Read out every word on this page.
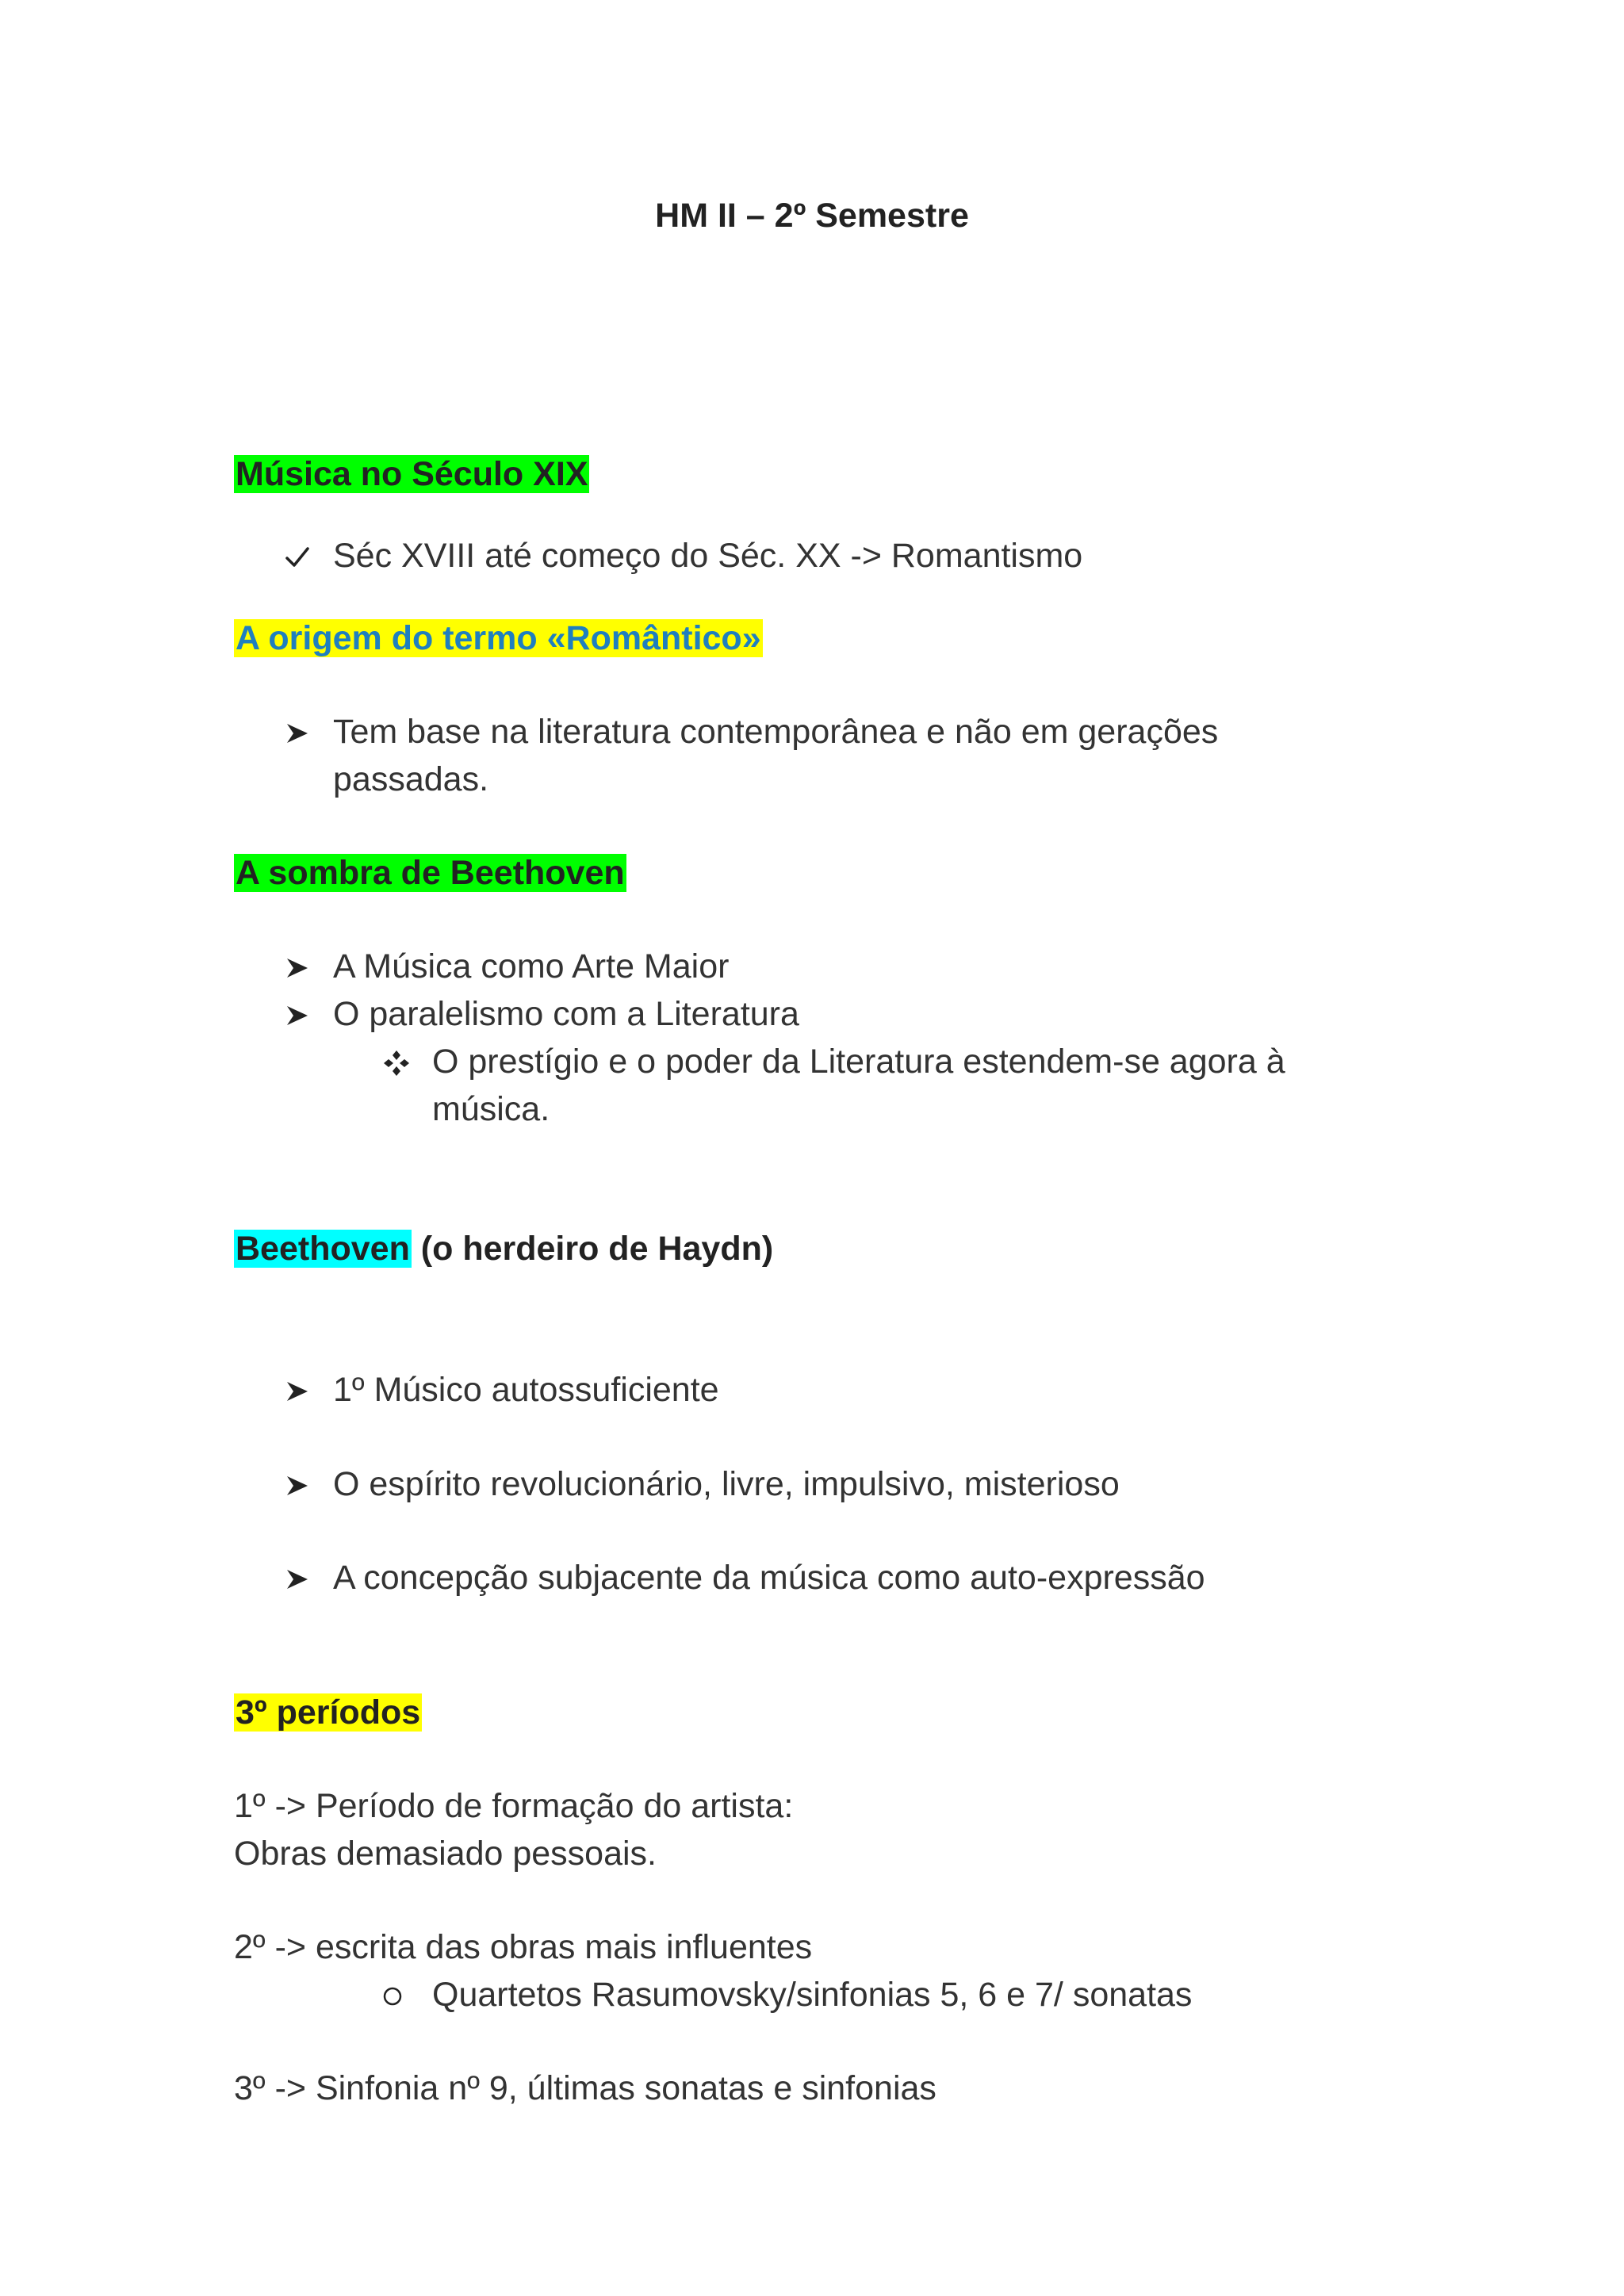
HM II – 2º Semestre
Música no Século XIX
Séc XVIII até começo do Séc. XX -> Romantismo
A origem do termo «Romântico»
Tem base na literatura contemporânea e não em gerações
passadas.
A sombra de Beethoven
A Música como Arte Maior
O paralelismo com a Literatura
O prestígio e o poder da Literatura estendem-se agora à
música.
Beethoven (o herdeiro de Haydn)
1º Músico autossuficiente
O espírito revolucionário, livre, impulsivo, misterioso
A concepção subjacente da música como auto-expressão
3º períodos
1º -> Período de formação do artista:
Obras demasiado pessoais.
2º -> escrita das obras mais influentes
Quartetos Rasumovsky/sinfonias 5, 6 e 7/ sonatas
3º -> Sinfonia nº 9, últimas sonatas e sinfonias
